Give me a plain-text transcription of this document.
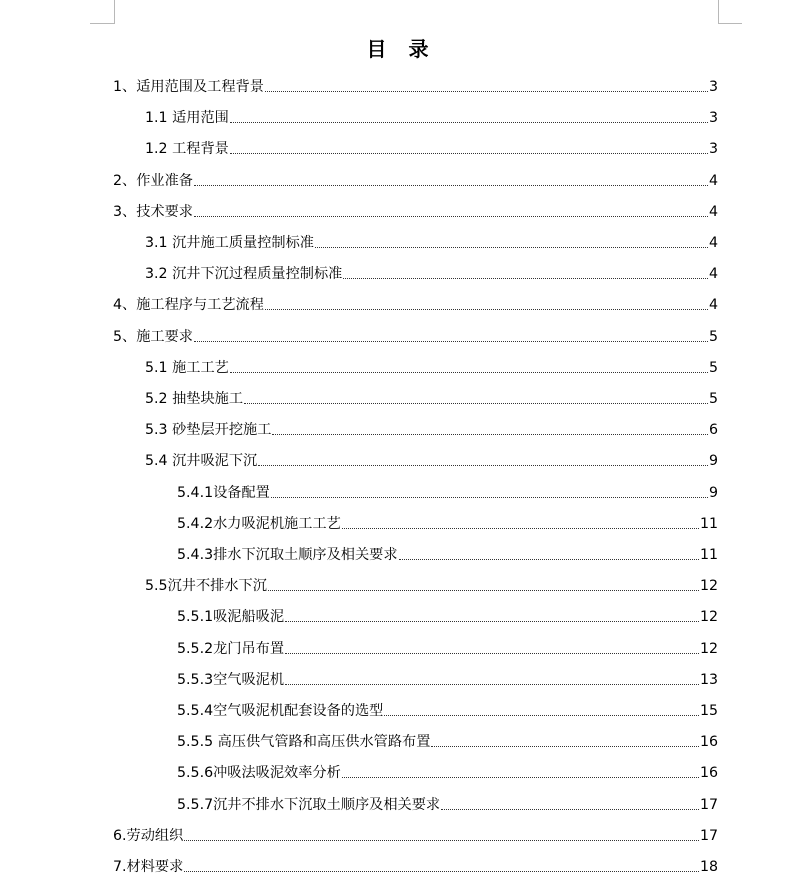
目　录
1、适用范围及工程背景	3
1.1 适用范围	3
1.2 工程背景	3
2、作业准备	4
3、技术要求	4
3.1 沉井施工质量控制标准	4
3.2 沉井下沉过程质量控制标准	4
4、施工程序与工艺流程	4
5、施工要求	5
5.1 施工工艺	5
5.2 抽垫块施工	5
5.3 砂垫层开挖施工	6
5.4 沉井吸泥下沉	9
5.4.1设备配置	9
5.4.2水力吸泥机施工工艺	11
5.4.3排水下沉取土顺序及相关要求	11
5.5沉井不排水下沉	12
5.5.1吸泥船吸泥	12
5.5.2龙门吊布置	12
5.5.3空气吸泥机	13
5.5.4空气吸泥机配套设备的选型	15
5.5.5 高压供气管路和高压供水管路布置	16
5.5.6冲吸法吸泥效率分析	16
5.5.7沉井不排水下沉取土顺序及相关要求	17
6.劳动组织	17
7.材料要求	18
